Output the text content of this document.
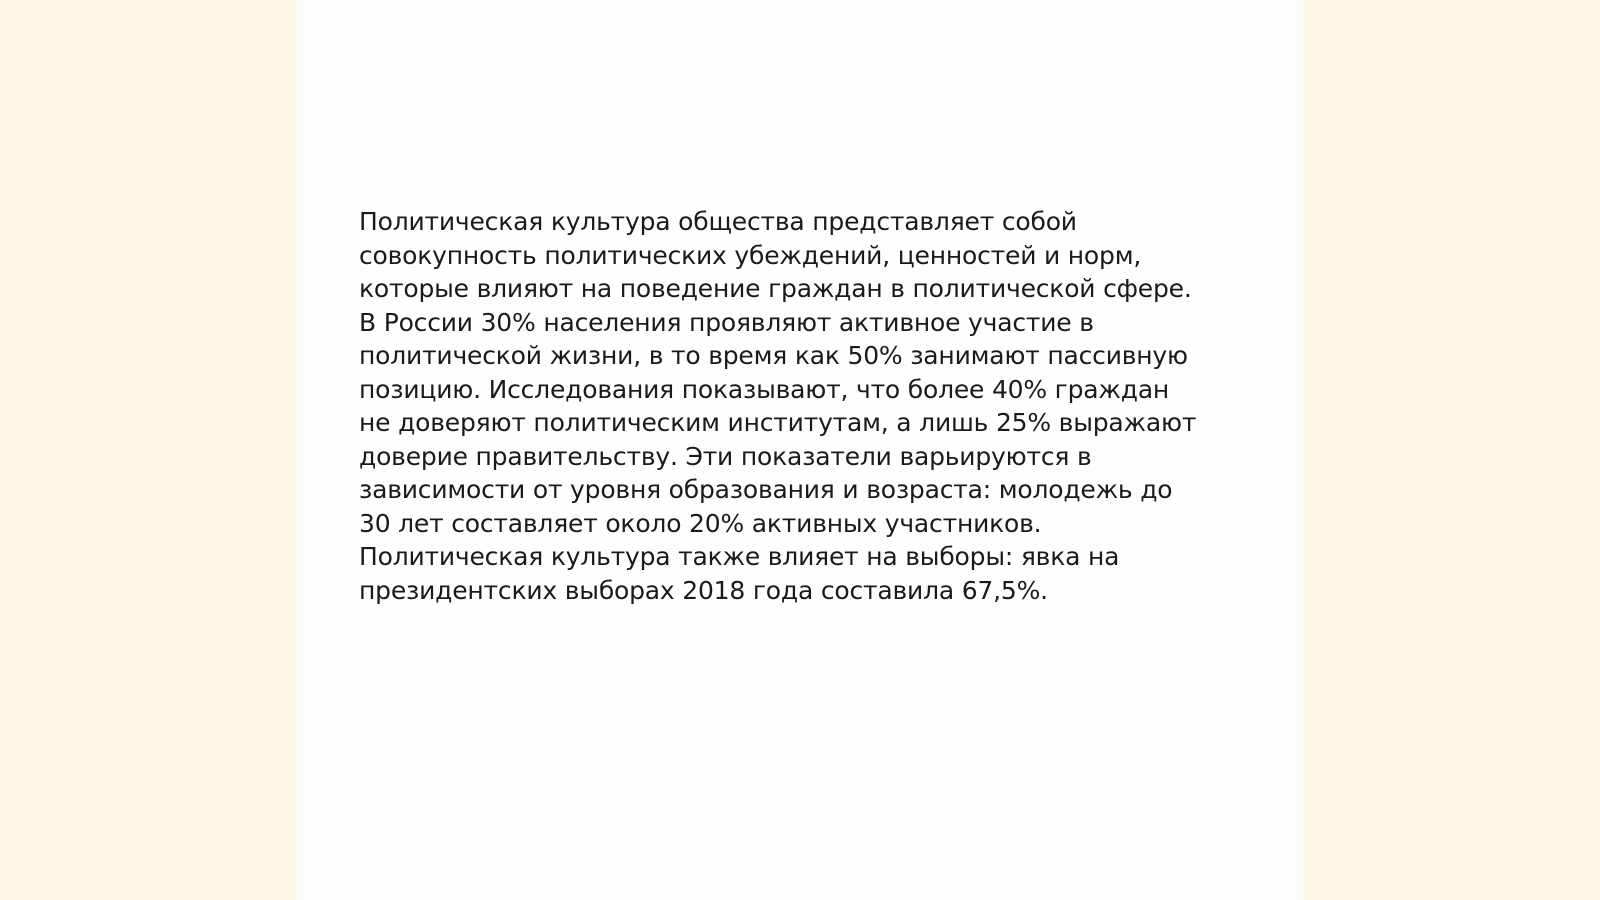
Политическая культура общества представляет собой
совокупность политических убеждений, ценностей и норм,
которые влияют на поведение граждан в политической сфере.
В России 30% населения проявляют активное участие в
политической жизни, в то время как 50% занимают пассивную
позицию. Исследования показывают, что более 40% граждан
не доверяют политическим институтам, а лишь 25% выражают
доверие правительству. Эти показатели варьируются в
зависимости от уровня образования и возраста: молодежь до
30 лет составляет около 20% активных участников.
Политическая культура также влияет на выборы: явка на
президентских выборах 2018 года составила 67,5%.
